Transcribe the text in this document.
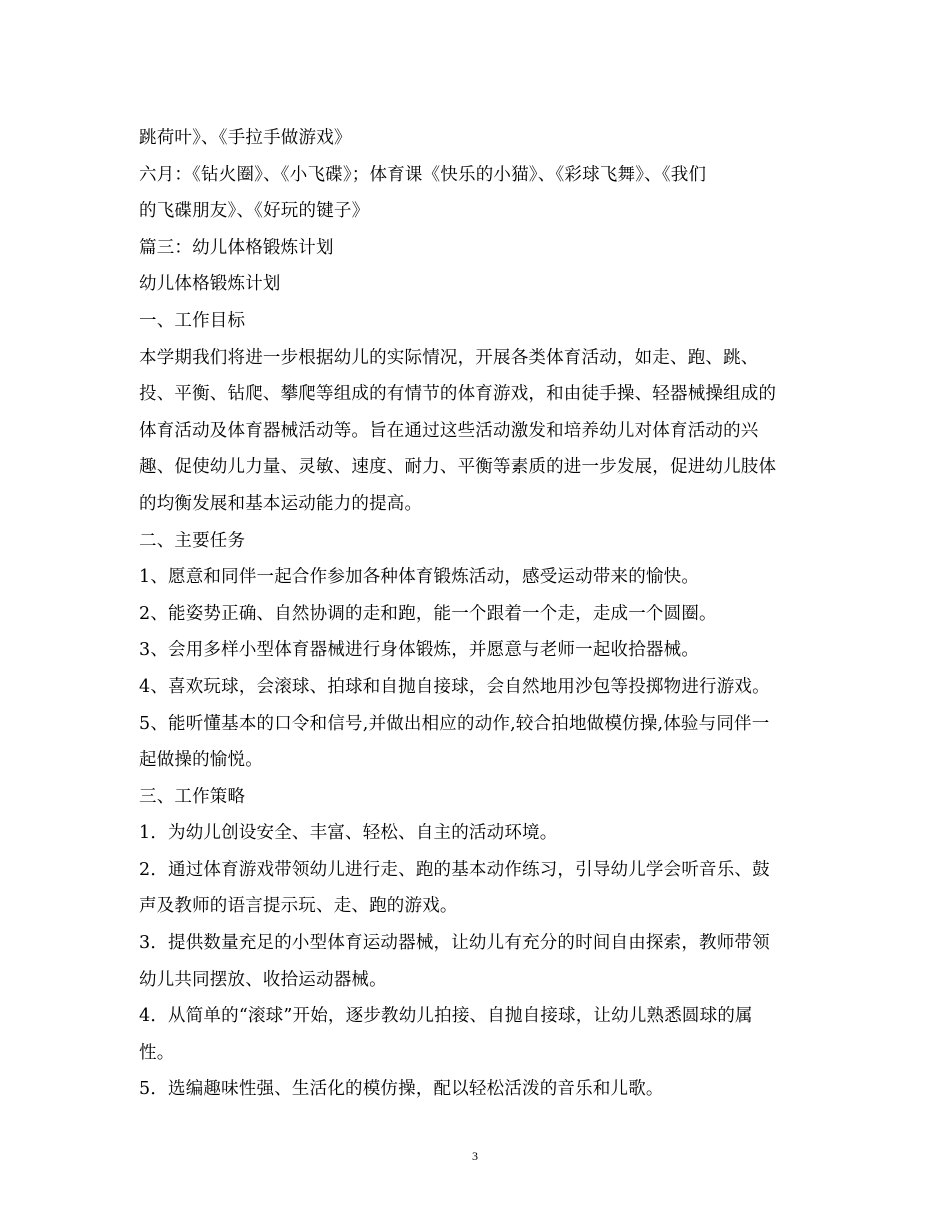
跳荷叶》、《手拉手做游戏》
六月：《钻火圈》、《小飞碟》；体育课《快乐的小猫》、《彩球飞舞》、《我们
的飞碟朋友》、《好玩的键子》
篇三：幼儿体格锻炼计划
幼儿体格锻炼计划
一、工作目标
本学期我们将进一步根据幼儿的实际情况，开展各类体育活动，如走、跑、跳、
投、平衡、钻爬、攀爬等组成的有情节的体育游戏，和由徒手操、轻器械操组成的
体育活动及体育器械活动等。旨在通过这些活动激发和培养幼儿对体育活动的兴
趣、促使幼儿力量、灵敏、速度、耐力、平衡等素质的进一步发展，促进幼儿肢体
的均衡发展和基本运动能力的提高。
二、主要任务
1、愿意和同伴一起合作参加各种体育锻炼活动，感受运动带来的愉快。
2、能姿势正确、自然协调的走和跑，能一个跟着一个走，走成一个圆圈。
3、会用多样小型体育器械进行身体锻炼，并愿意与老师一起收拾器械。
4、喜欢玩球，会滚球、拍球和自抛自接球，会自然地用沙包等投掷物进行游戏。
5、能听懂基本的口令和信号,并做出相应的动作,较合拍地做模仿操,体验与同伴一
起做操的愉悦。
三、工作策略
1．为幼儿创设安全、丰富、轻松、自主的活动环境。
2．通过体育游戏带领幼儿进行走、跑的基本动作练习，引导幼儿学会听音乐、鼓
声及教师的语言提示玩、走、跑的游戏。
3．提供数量充足的小型体育运动器械，让幼儿有充分的时间自由探索，教师带领
幼儿共同摆放、收拾运动器械。
4．从简单的“滚球”开始，逐步教幼儿拍接、自抛自接球，让幼儿熟悉圆球的属
性。
5．选编趣味性强、生活化的模仿操，配以轻松活泼的音乐和儿歌。
3
